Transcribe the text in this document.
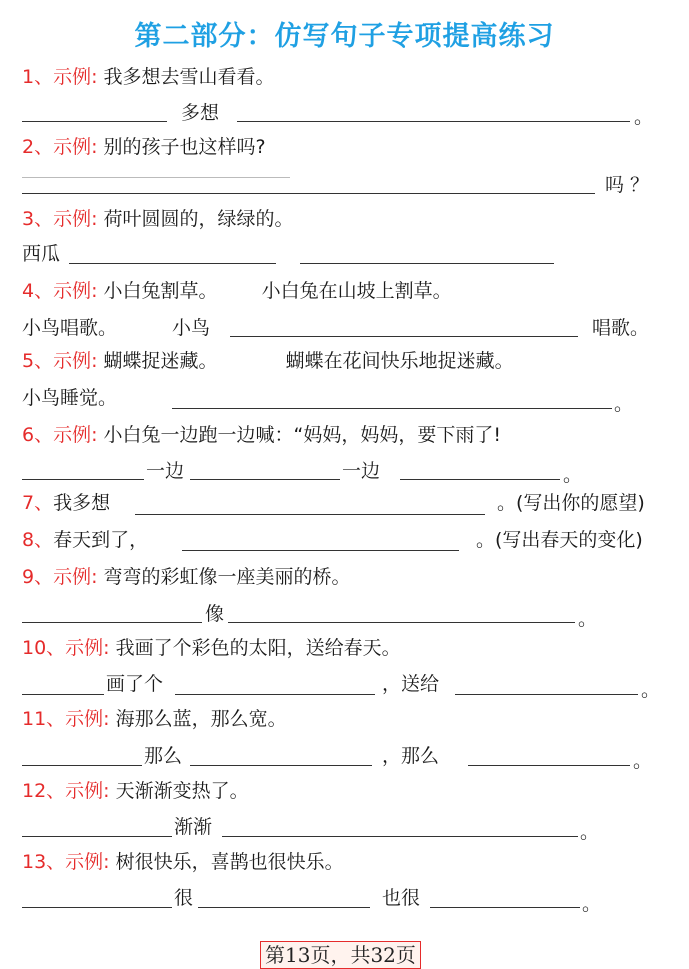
第二部分：仿写句子专项提高练习
1、示例: 我多想去雪山看看。
多想	。
2、示例: 别的孩子也这样吗?
吗 ？
3、示例: 荷叶圆圆的，绿绿的。
西瓜
4、示例: 小白兔割草。 小白兔在山坡上割草。
小鸟唱歌。	小鸟	唱歌。
5、示例: 蝴蝶捉迷藏。	蝴蝶在花间快乐地捉迷藏。
小鸟睡觉。	。
6、示例: 小白兔一边跑一边喊：“妈妈，妈妈，要下雨了!
一边	一边	。
7、我多想	。(写出你的愿望)
8、春天到了，	。(写出春天的变化)
9、示例: 弯弯的彩虹像一座美丽的桥。
像	。
10、示例: 我画了个彩色的太阳，送给春天。
画了个	，送给	。
11、示例: 海那么蓝，那么宽。
那么	，那么	。
12、示例: 天渐渐变热了。
渐渐	。
13、示例: 树很快乐，喜鹊也很快乐。
很	也很	。
第13页，共32页
